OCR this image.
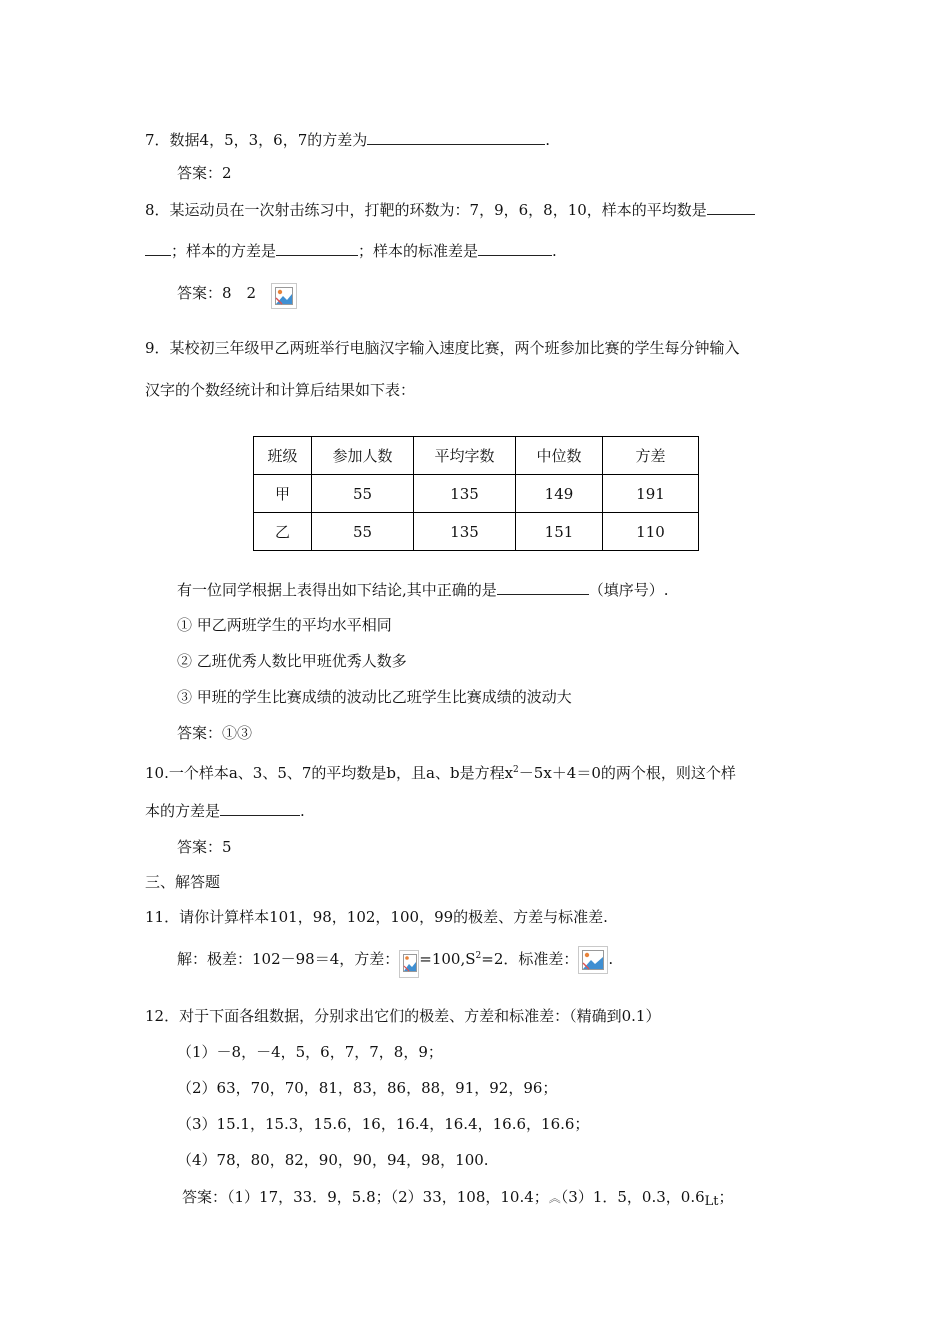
7．数据4，5，3，6，7的方差为	.
答案：2
8．某运动员在一次射击练习中，打靶的环数为：7，9，6，8，10，样本的平均数是
；样本的方差是	；样本的标准差是	.
答案：8　2
9．某校初三年级甲乙两班举行电脑汉字输入速度比赛，两个班参加比赛的学生每分钟输入
汉字的个数经统计和计算后结果如下表：
班级	参加人数	平均字数	中位数	方差
甲	55	135	149	191
乙	55	135	151	110
有一位同学根据上表得出如下结论,其中正确的是	（填序号）.
① 甲乙两班学生的平均水平相同
② 乙班优秀人数比甲班优秀人数多
③ 甲班的学生比赛成绩的波动比乙班学生比赛成绩的波动大
答案：①③
10.一个样本a、3、5、7的平均数是b，且a、b是方程$x^2-5x+4=0$的两个根，则这个样
本的方差是	.
答案：5
三、解答题
11．请你计算样本101，98，102，100，99的极差、方差与标准差.
解：极差：102－98＝4，方差： $=100,S^2=2$．标准差： .
12．对于下面各组数据，分别求出它们的极差、方差和标准差：（精确到0.1）
（1）－8，－4，5，6，7，7，8，9；
（2）63，70，70，81，83，86，88，91，92，96；
（3）15.1，15.3，15.6，16，16.4，16.4，16.6，16.6；
（4）78，80，82，90，90，94，98，100.
答案：（1）17，33．9，5.8；（2）33，108，10.4；︽（3）1．5，0.3，0.6Lt；
